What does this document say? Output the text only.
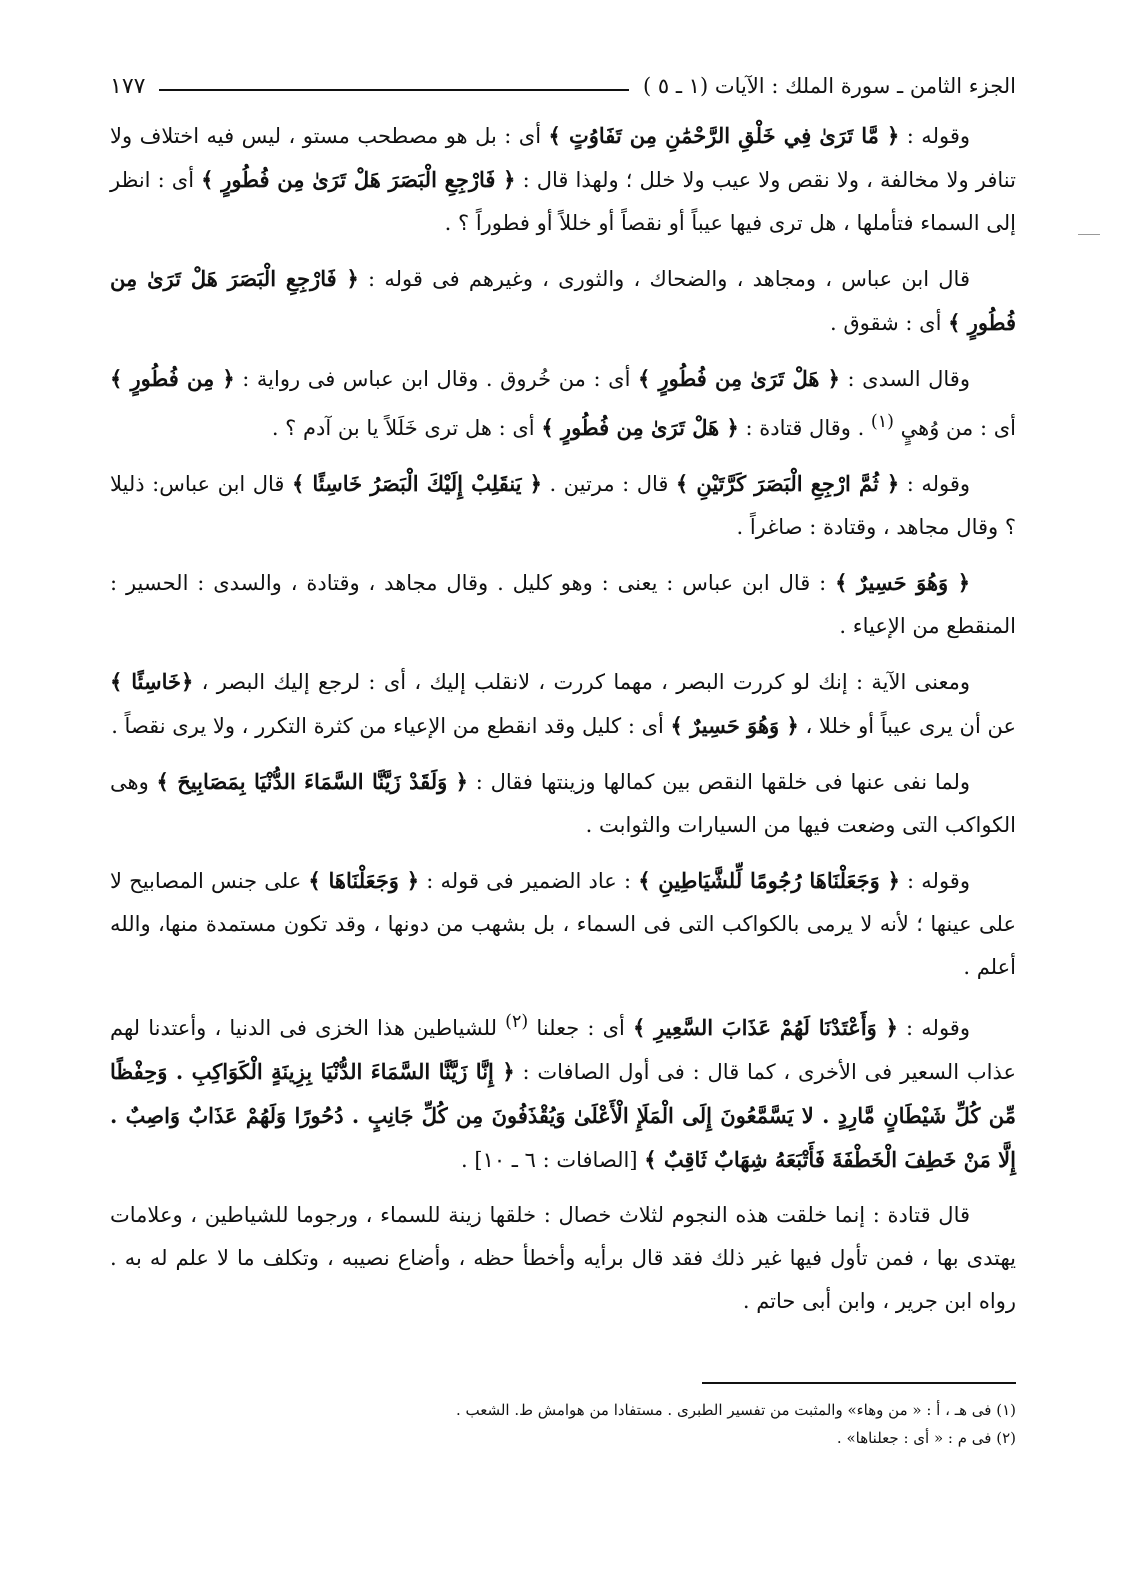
الجزء الثامن ـ سورة الملك : الآيات (١ ـ ٥ )
١٧٧

وقوله : ﴿ مَّا تَرَىٰ فِي خَلْقِ الرَّحْمَٰنِ مِن تَفَاوُتٍ ﴾ أى : بل هو مصطحب مستو ، ليس فيه اختلاف ولا تنافر ولا مخالفة ، ولا نقص ولا عيب ولا خلل ؛ ولهذا قال : ﴿ فَارْجِعِ الْبَصَرَ هَلْ تَرَىٰ مِن فُطُورٍ ﴾ أى : انظر إلى السماء فتأملها ، هل ترى فيها عيباً أو نقصاً أو خللاً أو فطوراً ؟ .

قال ابن عباس ، ومجاهد ، والضحاك ، والثورى ، وغيرهم فى قوله : ﴿ فَارْجِعِ الْبَصَرَ هَلْ تَرَىٰ مِن فُطُورٍ ﴾ أى : شقوق .

وقال السدى : ﴿ هَلْ تَرَىٰ مِن فُطُورٍ ﴾ أى : من خُروق . وقال ابن عباس فى رواية : ﴿ مِن فُطُورٍ ﴾ أى : من وُهيٍ $^{(١)}$ . وقال قتادة : ﴿ هَلْ تَرَىٰ مِن فُطُورٍ ﴾ أى : هل ترى خَلَلاً يا بن آدم ؟ .

وقوله : ﴿ ثُمَّ ارْجِعِ الْبَصَرَ كَرَّتَيْنِ ﴾ قال : مرتين . ﴿ يَنقَلِبْ إِلَيْكَ الْبَصَرُ خَاسِئًا ﴾ قال ابن عباس: ذليلا ؟ وقال مجاهد ، وقتادة : صاغراً .

﴿ وَهُوَ حَسِيرٌ ﴾ : قال ابن عباس : يعنى : وهو كليل . وقال مجاهد ، وقتادة ، والسدى : الحسير : المنقطع من الإعياء .

ومعنى الآية : إنك لو كررت البصر ، مهما كررت ، لانقلب إليك ، أى : لرجع إليك البصر ، ﴿خَاسِئًا ﴾ عن أن يرى عيباً أو خللا ، ﴿ وَهُوَ حَسِيرٌ ﴾ أى : كليل وقد انقطع من الإعياء من كثرة التكرر ، ولا يرى نقصاً .

ولما نفى عنها فى خلقها النقص بين كمالها وزينتها فقال : ﴿ وَلَقَدْ زَيَّنَّا السَّمَاءَ الدُّنْيَا بِمَصَابِيحَ ﴾ وهى الكواكب التى وضعت فيها من السيارات والثوابت .

وقوله : ﴿ وَجَعَلْنَاهَا رُجُومًا لِّلشَّيَاطِينِ ﴾ : عاد الضمير فى قوله : ﴿ وَجَعَلْنَاهَا ﴾ على جنس المصابيح لا على عينها ؛ لأنه لا يرمى بالكواكب التى فى السماء ، بل بشهب من دونها ، وقد تكون مستمدة منها، والله أعلم .

وقوله : ﴿ وَأَعْتَدْنَا لَهُمْ عَذَابَ السَّعِيرِ ﴾ أى : جعلنا $^{(٢)}$ للشياطين هذا الخزى فى الدنيا ، وأعتدنا لهم عذاب السعير فى الأخرى ، كما قال : فى أول الصافات : ﴿ إِنَّا زَيَّنَّا السَّمَاءَ الدُّنْيَا بِزِينَةٍ الْكَوَاكِبِ . وَحِفْظًا مِّن كُلِّ شَيْطَانٍ مَّارِدٍ . لا يَسَّمَّعُونَ إِلَى الْمَلَإِ الْأَعْلَىٰ وَيُقْذَفُونَ مِن كُلِّ جَانِبٍ . دُحُورًا وَلَهُمْ عَذَابٌ وَاصِبٌ . إِلَّا مَنْ خَطِفَ الْخَطْفَةَ فَأَتْبَعَهُ شِهَابٌ ثَاقِبٌ ﴾ [الصافات : ٦ ـ ١٠] .

قال قتادة : إنما خلقت هذه النجوم لثلاث خصال : خلقها زينة للسماء ، ورجوما للشياطين ، وعلامات يهتدى بها ، فمن تأول فيها غير ذلك فقد قال برأيه وأخطأ حظه ، وأضاع نصيبه ، وتكلف ما لا علم له به . رواه ابن جرير ، وابن أبى حاتم .

(١) فى هـ ، أ : « من وهاء» والمثبت من تفسير الطبرى . مستفادا من هوامش ط. الشعب .

(٢) فى م : « أى : جعلناها» .
